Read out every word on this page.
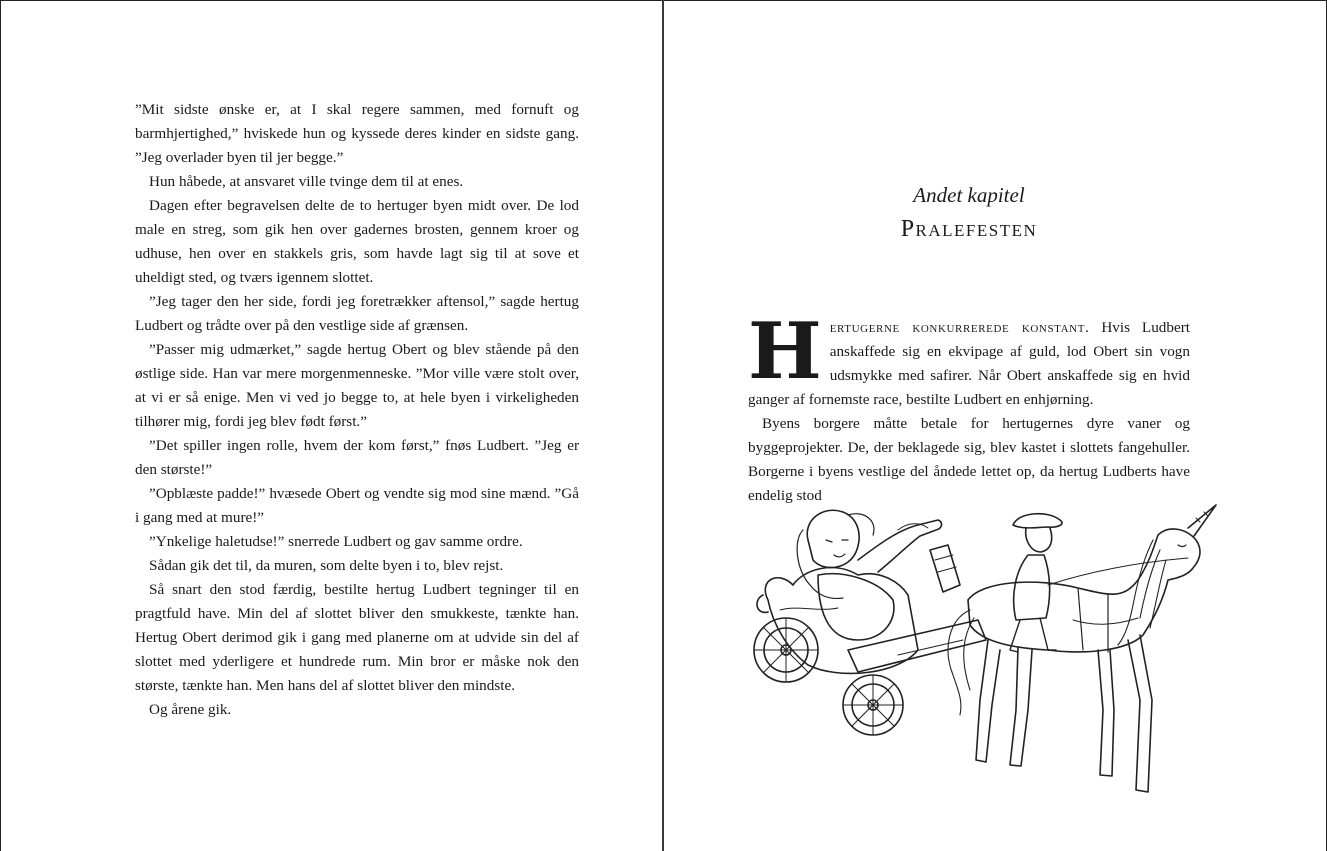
”Mit sidste ønske er, at I skal regere sammen, med fornuft og barmhjertighed,” hviskede hun og kyssede deres kinder en sidste gang. ”Jeg overlader byen til jer begge.”

Hun håbede, at ansvaret ville tvinge dem til at enes.

Dagen efter begravelsen delte de to hertuger byen midt over. De lod male en streg, som gik hen over gadernes brosten, gennem kroer og udhuse, hen over en stakkels gris, som havde lagt sig til at sove et uheldigt sted, og tværs igennem slottet.

”Jeg tager den her side, fordi jeg foretrækker aftensol,” sagde hertug Ludbert og trådte over på den vestlige side af grænsen.

”Passer mig udmærket,” sagde hertug Obert og blev stående på den østlige side. Han var mere morgenmenneske. ”Mor ville være stolt over, at vi er så enige. Men vi ved jo begge to, at hele byen i virkeligheden tilhører mig, fordi jeg blev født først.”

”Det spiller ingen rolle, hvem der kom først,” fnøs Ludbert. ”Jeg er den største!”

”Opblæste padde!” hvæsede Obert og vendte sig mod sine mænd. ”Gå i gang med at mure!”

”Ynkelige haletudse!” snerrede Ludbert og gav samme ordre.

Sådan gik det til, da muren, som delte byen i to, blev rejst.

Så snart den stod færdig, bestilte hertug Ludbert tegninger til en pragtfuld have. Min del af slottet bliver den smukkeste, tænkte han. Hertug Obert derimod gik i gang med planerne om at udvide sin del af slottet med yderligere et hundrede rum. Min bror er måske nok den største, tænkte han. Men hans del af slottet bliver den mindste.

Og årene gik.

Andet kapitel
Pralefesten

Hertugerne konkurrerede konstant. Hvis Ludbert anskaffede sig en ekvipage af guld, lod Obert sin vogn udsmykke med safirer. Når Obert anskaffede sig en hvid ganger af fornemste race, bestilte Ludbert en enhjørning.

Byens borgere måtte betale for hertugernes dyre vaner og byggeprojekter. De, der beklagede sig, blev kastet i slottets fangehuller. Borgerne i byens vestlige del åndede lettet op, da hertug Ludberts have endelig stod
